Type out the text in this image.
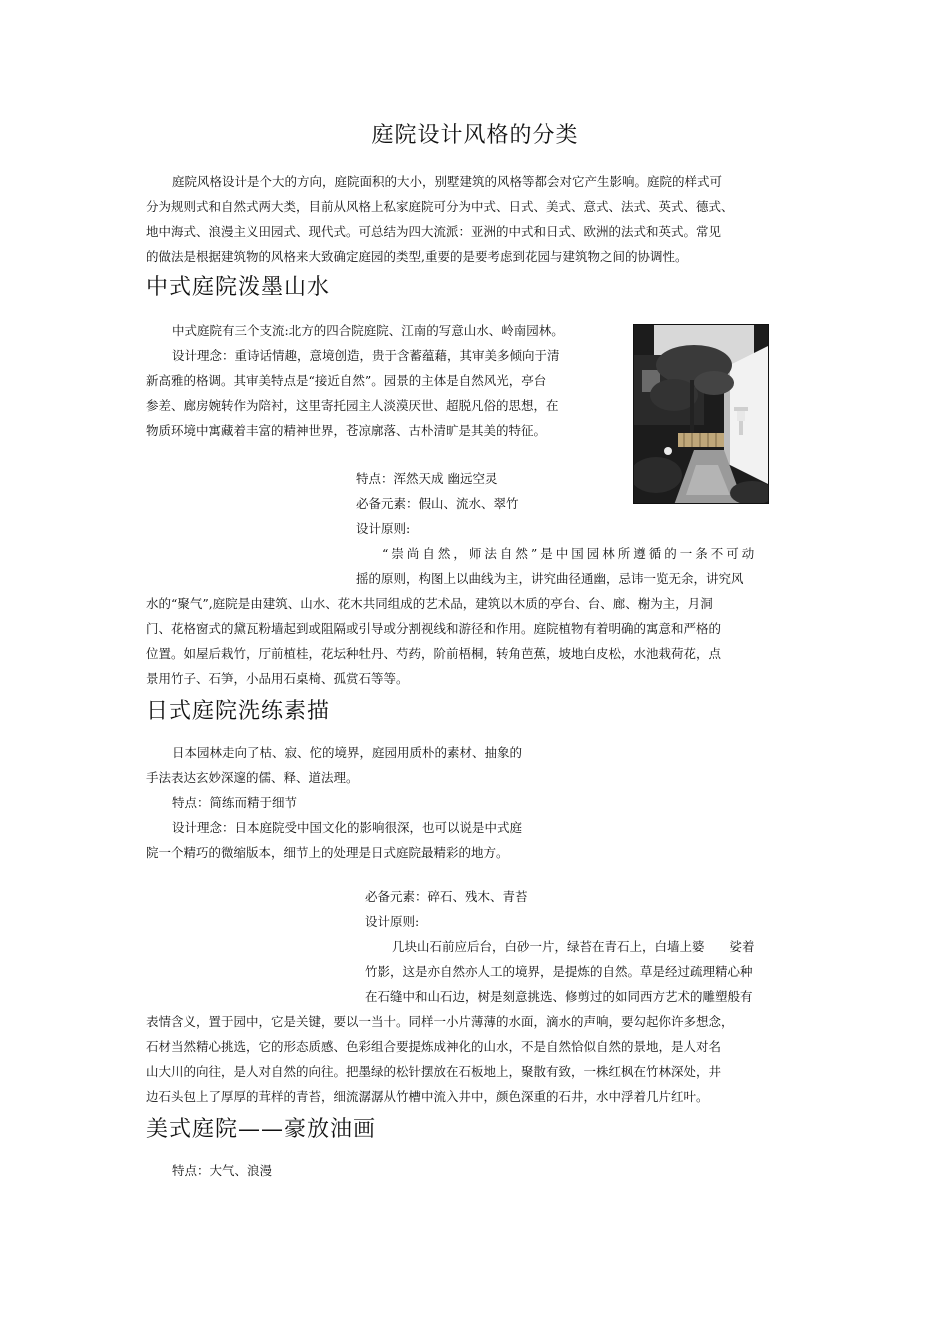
庭院设计风格的分类
庭院风格设计是个大的方向，庭院面积的大小，别墅建筑的风格等都会对它产生影响。庭院的样式可
分为规则式和自然式两大类，目前从风格上私家庭院可分为中式、日式、美式、意式、法式、英式、德式、
地中海式、浪漫主义田园式、现代式。可总结为四大流派：亚洲的中式和日式、欧洲的法式和英式。常见
的做法是根据建筑物的风格来大致确定庭园的类型,重要的是要考虑到花园与建筑物之间的协调性。
中式庭院泼墨山水
中式庭院有三个支流:北方的四合院庭院、江南的写意山水、岭南园林。
设计理念：重诗话情趣，意境创造，贵于含蓄蕴藉，其审美多倾向于清
新高雅的格调。其审美特点是“接近自然”。园景的主体是自然风光，亭台
参差、廊房婉转作为陪衬，这里寄托园主人淡漠厌世、超脱凡俗的思想，在
物质环境中寓藏着丰富的精神世界，苍凉廓落、古朴清旷是其美的特征。
特点：浑然天成 幽远空灵
必备元素：假山、流水、翠竹
设计原则:
“崇尚自然，师法自然”是中国园林所遵循的一条不可动
摇的原则，构图上以曲线为主，讲究曲径通幽，忌讳一览无余，讲究风
水的“聚气”,庭院是由建筑、山水、花木共同组成的艺术品，建筑以木质的亭台、台、廊、榭为主，月洞
门、花格窗式的黛瓦粉墙起到或阻隔或引导或分割视线和游径和作用。庭院植物有着明确的寓意和严格的
位置。如屋后栽竹，厅前植桂，花坛种牡丹、芍药，阶前梧桐，转角芭蕉，坡地白皮松，水池栽荷花，点
景用竹子、石笋，小品用石桌椅、孤赏石等等。
日式庭院洗练素描
日本园林走向了枯、寂、佗的境界，庭园用质朴的素材、抽象的
手法表达玄妙深邃的儒、释、道法理。
特点：简练而精于细节
设计理念：日本庭院受中国文化的影响很深，也可以说是中式庭
院一个精巧的微缩版本，细节上的处理是日式庭院最精彩的地方。
必备元素：碎石、残木、青苔
设计原则:
几块山石前应后台，白砂一片，绿苔在青石上，白墙上婆　　娑着
竹影，这是亦自然亦人工的境界，是提炼的自然。草是经过疏理精心种
在石缝中和山石边，树是刻意挑选、修剪过的如同西方艺术的雕塑般有
表情含义，置于园中，它是关键，要以一当十。同样一小片薄薄的水面，滴水的声响，要勾起你许多想念，
石材当然精心挑选，它的形态质感、色彩组合要提炼成神化的山水，不是自然恰似自然的景地，是人对名
山大川的向往，是人对自然的向往。把墨绿的松针摆放在石板地上，聚散有致，一株红枫在竹林深处，井
边石头包上了厚厚的茸样的青苔，细流潺潺从竹槽中流入井中，颜色深重的石井，水中浮着几片红叶。
美式庭院——豪放油画
特点：大气、浪漫
